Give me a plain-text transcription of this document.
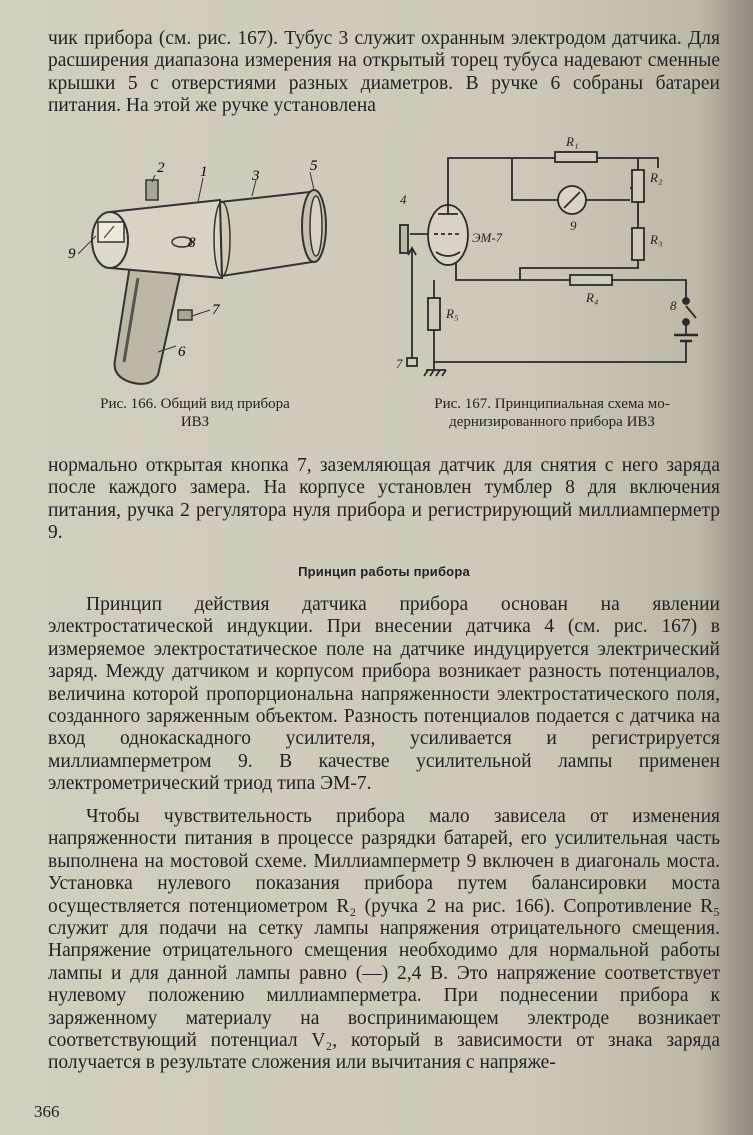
чик прибора (см. рис. 167). Тубус 3 служит охранным электродом датчика. Для расширения диапазона измерения на открытый торец тубуса надевают сменные крышки 5 с отверстиями разных диаметров. В ручке 6 собраны батареи питания. На этой же ручке установлена

2 1	3
5
9
8
7
6
Рис. 166. Общий вид прибора
ИВЗ
R₁
R₂
R₃
R₄
R₅
ЭМ-7
4
7
8
9
Рис. 167. Принципиальная схема мо-
дернизированного прибора ИВЗ

нормально открытая кнопка 7, заземляющая датчик для снятия с него заряда после каждого замера. На корпусе установлен тумблер 8 для включения питания, ручка 2 регулятора нуля прибора и регистрирующий миллиамперметр 9.

Принцип работы прибора

Принцип действия датчика прибора основан на явлении электростатической индукции. При внесении датчика 4 (см. рис. 167) в измеряемое электростатическое поле на датчике индуцируется электрический заряд. Между датчиком и корпусом прибора возникает разность потенциалов, величина которой пропорциональна напряженности электростатического поля, созданного заряженным объектом. Разность потенциалов подается с датчика на вход однокаскадного усилителя, усиливается и регистрируется миллиамперметром 9. В качестве усилительной лампы применен электрометрический триод типа ЭМ-7.

Чтобы чувствительность прибора мало зависела от изменения напряженности питания в процессе разрядки батарей, его усилительная часть выполнена на мостовой схеме. Миллиамперметр 9 включен в диагональ моста. Установка нулевого показания прибора путем балансировки моста осуществляется потенциометром R₂ (ручка 2 на рис. 166). Сопротивление R₅ служит для подачи на сетку лампы напряжения отрицательного смещения. Напряжение отрицательного смещения необходимо для нормальной работы лампы и для данной лампы равно (—) 2,4 В. Это напряжение соответствует нулевому положению миллиамперметра. При поднесении прибора к заряженному материалу на воспринимающем электроде возникает соответствующий потенциал V₂, который в зависимости от знака заряда получается в результате сложения или вычитания с напряже-

366
